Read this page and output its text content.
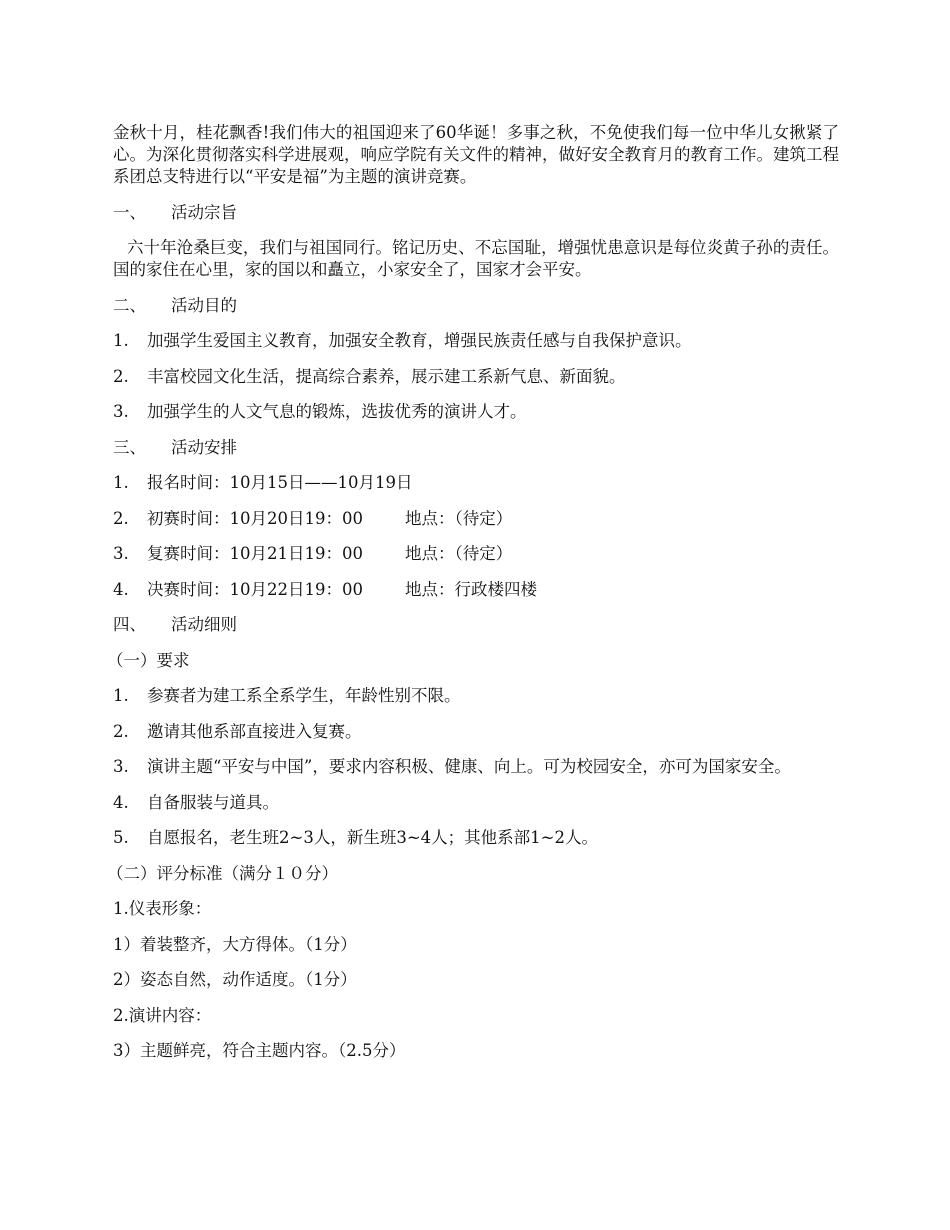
金秋十月，桂花飘香!我们伟大的祖国迎来了60华诞！多事之秋，不免使我们每一位中华儿女揪紧了心。为深化贯彻落实科学进展观，响应学院有关文件的精神，做好安全教育月的教育工作。建筑工程系团总支特进行以“平安是福”为主题的演讲竞赛。

一、 活动宗旨

六十年沧桑巨变，我们与祖国同行。铭记历史、不忘国耻，增强忧患意识是每位炎黄子孙的责任。国的家住在心里，家的国以和矗立，小家安全了，国家才会平安。

二、 活动目的
1. 加强学生爱国主义教育，加强安全教育，增强民族责任感与自我保护意识。
2. 丰富校园文化生活，提高综合素养，展示建工系新气息、新面貌。
3. 加强学生的人文气息的锻炼，选拔优秀的演讲人才。
三、 活动安排
1. 报名时间：10月15日——10月19日
2. 初赛时间：10月20日19：00	地点：（待定）
3. 复赛时间：10月21日19：00	地点：（待定）
4. 决赛时间：10月22日19：00	地点：行政楼四楼
四、 活动细则
（一）要求
1. 参赛者为建工系全系学生，年龄性别不限。
2. 邀请其他系部直接进入复赛。

3. 演讲主题“平安与中国”，要求内容积极、健康、向上。可为校园安全，亦可为国家安全。

4. 自备服装与道具。
5. 自愿报名，老生班2~3人，新生班3~4人；其他系部1~2人。
（二）评分标准（满分１０分）
1.仪表形象：
1）着装整齐，大方得体。（1分）
2）姿态自然，动作适度。（1分）
2.演讲内容：
3）主题鲜亮，符合主题内容。（2.5分）
